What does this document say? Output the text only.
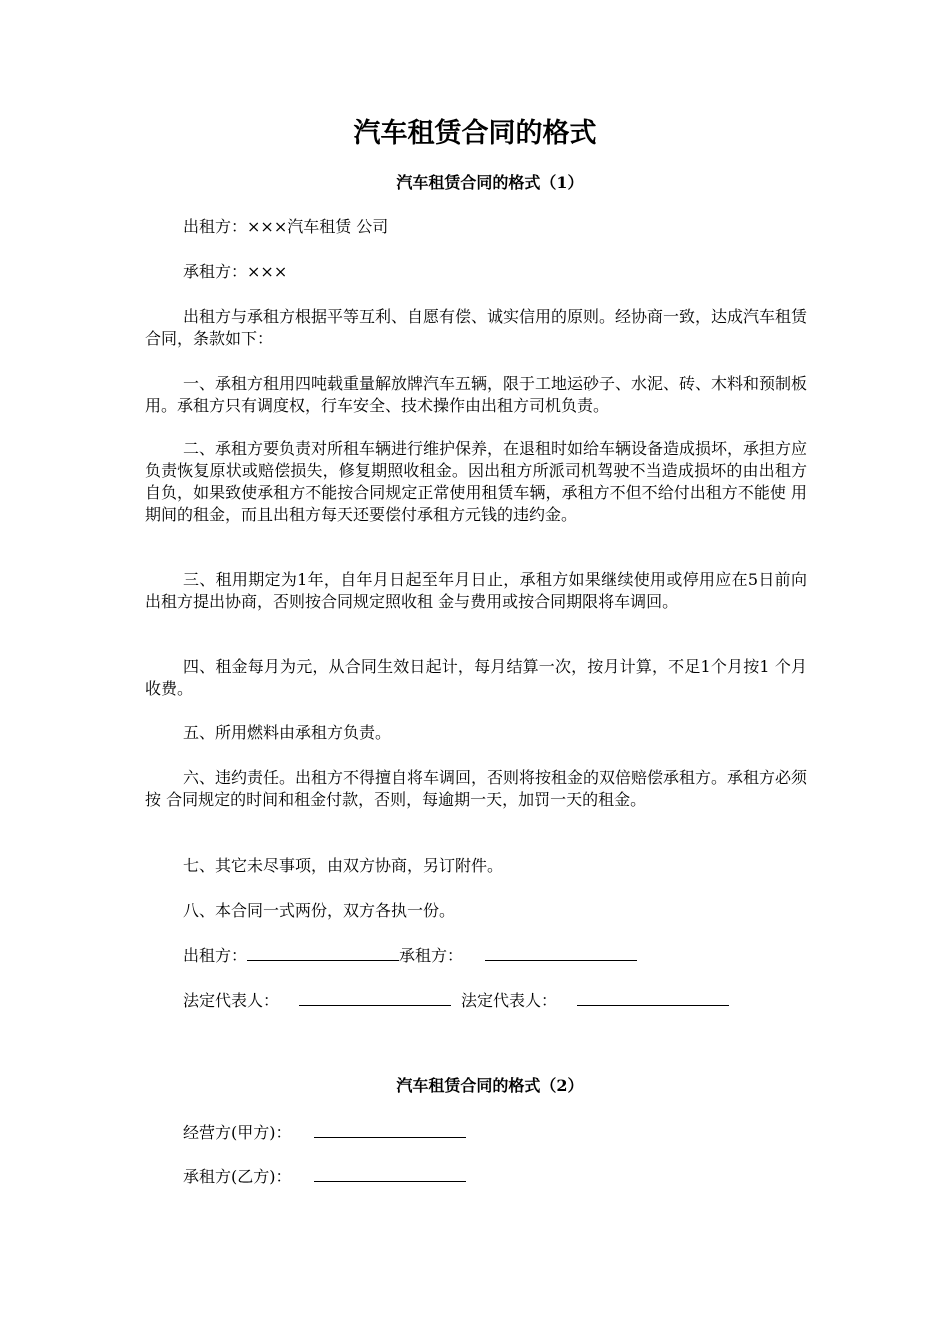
汽车租赁合同的格式
汽车租赁合同的格式（1）

出租方：×××汽车租赁 公司

承租方：×××

出租方与承租方根据平等互利、自愿有偿、诚实信用的原则。经协商一致，达成汽车租赁合同，条款如下：

一、承租方租用四吨载重量解放牌汽车五辆，限于工地运砂子、水泥、砖、木料和预制板用。承租方只有调度权，行车安全、技术操作由出租方司机负责。

二、承租方要负责对所租车辆进行维护保养，在退租时如给车辆设备造成损坏，承担方应负责恢复原状或赔偿损失，修复期照收租金。因出租方所派司机驾驶不当造成损坏的由出租方 自负，如果致使承租方不能按合同规定正常使用租赁车辆，承租方不但不给付出租方不能使 用期间的租金，而且出租方每天还要偿付承租方元钱的违约金。

三、租用期定为1年，自年月日起至年月日止，承租方如果继续使用或停用应在5日前向出租方提出协商，否则按合同规定照收租 金与费用或按合同期限将车调回。

四、租金每月为元，从合同生效日起计，每月结算一次，按月计算，不足1个月按1 个月收费。

五、所用燃料由承租方负责。

六、违约责任。出租方不得擅自将车调回，否则将按租金的双倍赔偿承租方。承租方必须按 合同规定的时间和租金付款，否则，每逾期一天，加罚一天的租金。

七、其它未尽事项，由双方协商，另订附件。

八、本合同一式两份，双方各执一份。

出租方：	承租方：
法定代表人：	法定代表人：
汽车租赁合同的格式（2）
经营方(甲方)：
承租方(乙方)：
